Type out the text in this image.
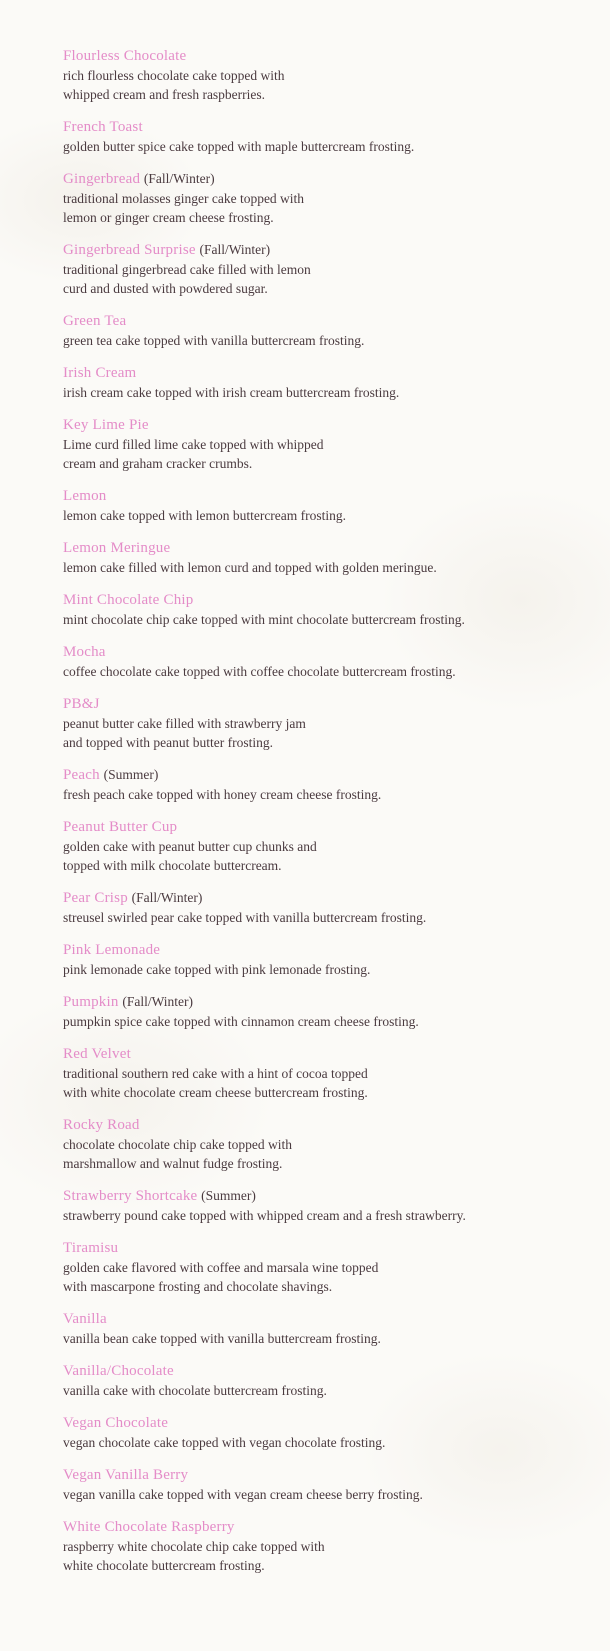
Flourless Chocolate
rich flourless chocolate cake topped with
whipped cream and fresh raspberries.
French Toast
golden butter spice cake topped with maple buttercream frosting.
Gingerbread (Fall/Winter)
traditional molasses ginger cake topped with
lemon or ginger cream cheese frosting.
Gingerbread Surprise (Fall/Winter)
traditional gingerbread cake filled with lemon
curd and dusted with powdered sugar.
Green Tea
green tea cake topped with vanilla buttercream frosting.
Irish Cream
irish cream cake topped with irish cream buttercream frosting.
Key Lime Pie
Lime curd filled lime cake topped with whipped
cream and graham cracker crumbs.
Lemon
lemon cake topped with lemon buttercream frosting.
Lemon Meringue
lemon cake filled with lemon curd and topped with golden meringue.
Mint Chocolate Chip
mint chocolate chip cake topped with mint chocolate buttercream frosting.
Mocha
coffee chocolate cake topped with coffee chocolate buttercream frosting.
PB&J
peanut butter cake filled with strawberry jam
and topped with peanut butter frosting.
Peach (Summer)
fresh peach cake topped with honey cream cheese frosting.
Peanut Butter Cup
golden cake with peanut butter cup chunks and
topped with milk chocolate buttercream.
Pear Crisp (Fall/Winter)
streusel swirled pear cake topped with vanilla buttercream frosting.
Pink Lemonade
pink lemonade cake topped with pink lemonade frosting.
Pumpkin (Fall/Winter)
pumpkin spice cake topped with cinnamon cream cheese frosting.
Red Velvet
traditional southern red cake with a hint of cocoa topped
with white chocolate cream cheese buttercream frosting.
Rocky Road
chocolate chocolate chip cake topped with
marshmallow and walnut fudge frosting.
Strawberry Shortcake (Summer)
strawberry pound cake topped with whipped cream and a fresh strawberry.
Tiramisu
golden cake flavored with coffee and marsala wine topped
with mascarpone frosting and chocolate shavings.
Vanilla
vanilla bean cake topped with vanilla buttercream frosting.
Vanilla/Chocolate
vanilla cake with chocolate buttercream frosting.
Vegan Chocolate
vegan chocolate cake topped with vegan chocolate frosting.
Vegan Vanilla Berry
vegan vanilla cake topped with vegan cream cheese berry frosting.
White Chocolate Raspberry
raspberry white chocolate chip cake topped with
white chocolate buttercream frosting.
